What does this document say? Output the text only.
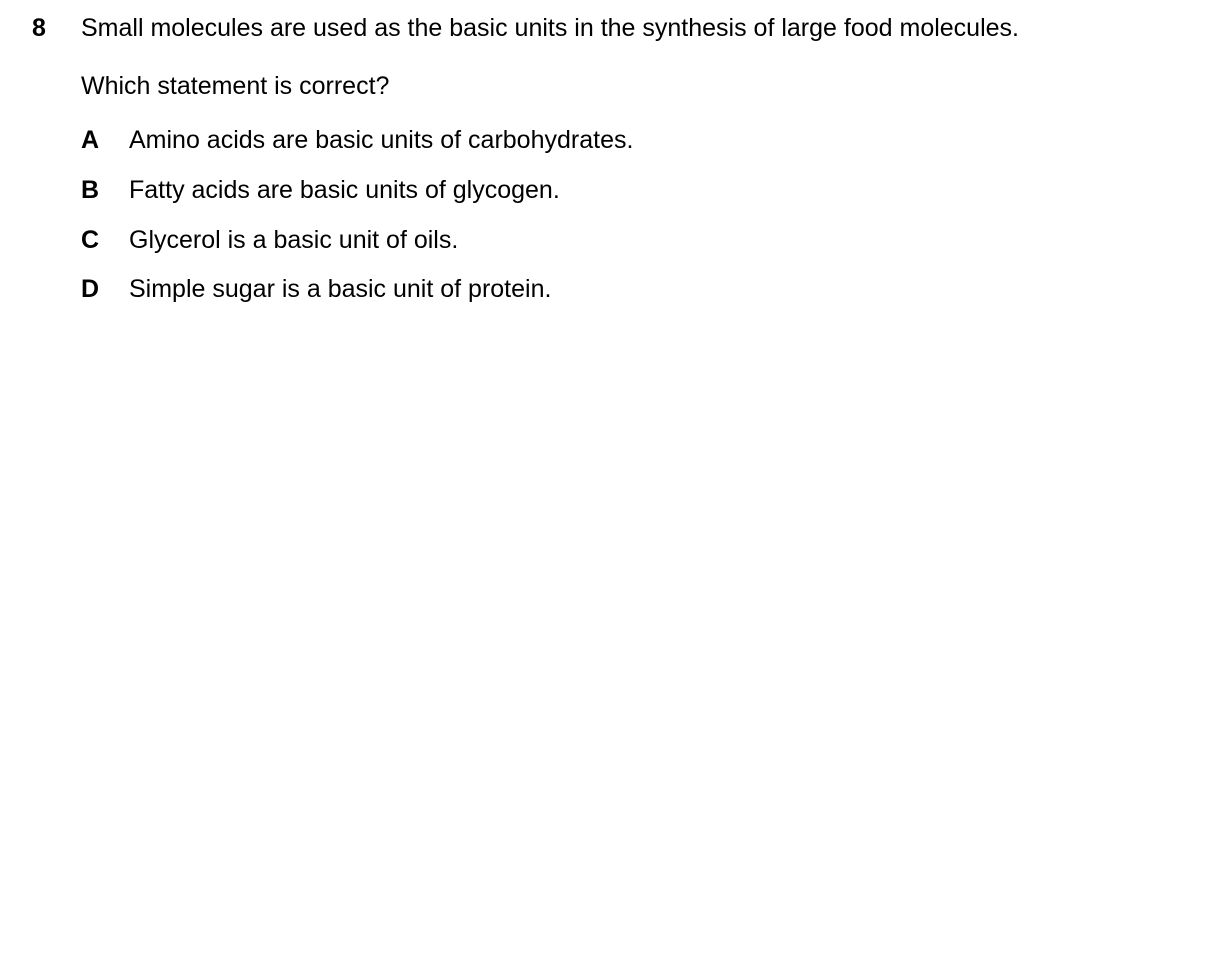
8 Small molecules are used as the basic units in the synthesis of large food molecules.
Which statement is correct?
A Amino acids are basic units of carbohydrates.
B Fatty acids are basic units of glycogen.
C Glycerol is a basic unit of oils.
D Simple sugar is a basic unit of protein.
